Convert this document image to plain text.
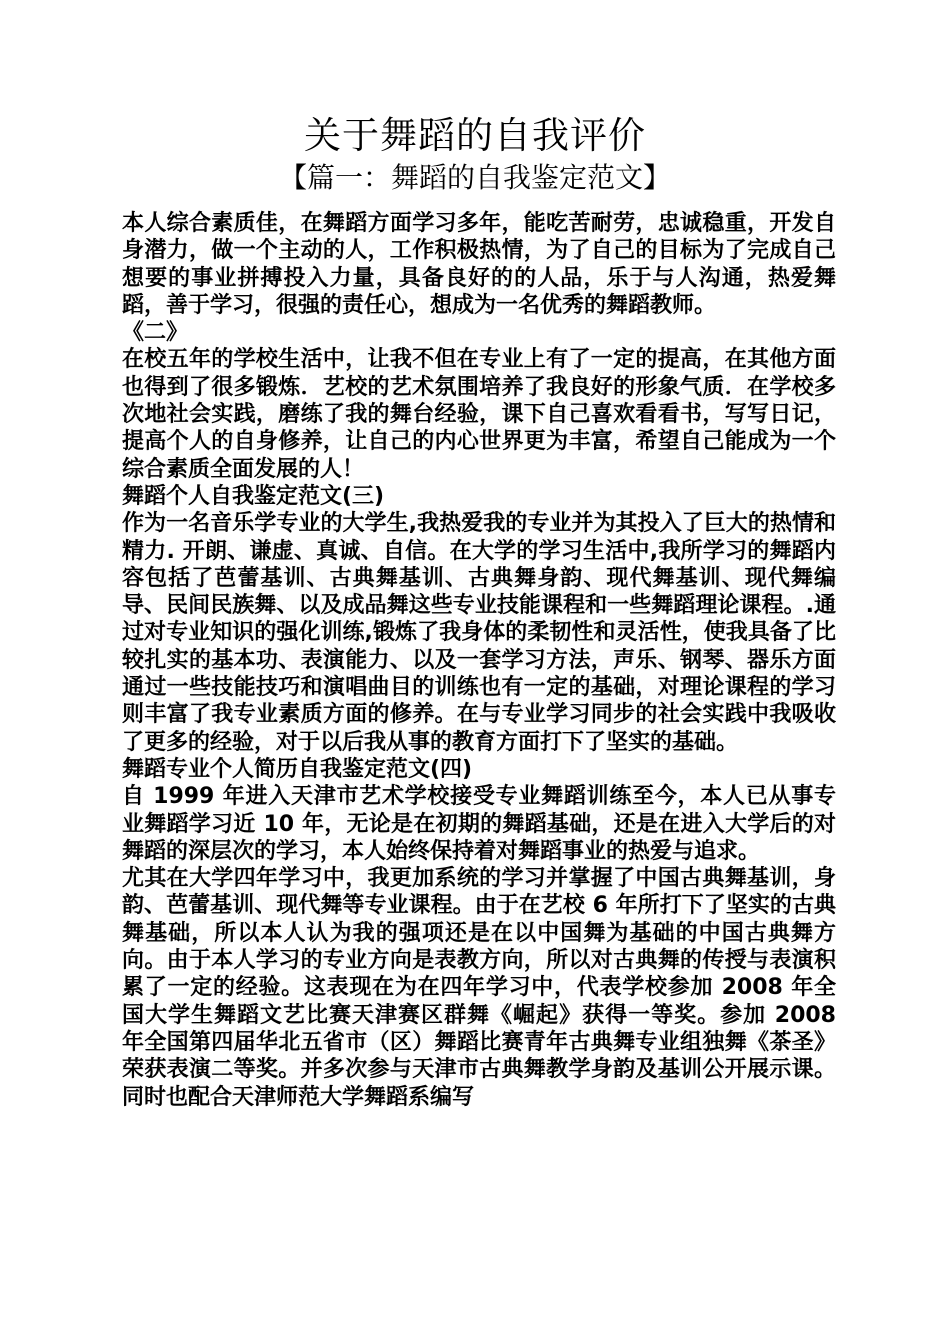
关于舞蹈的自我评价
【篇一：舞蹈的自我鉴定范文】

本人综合素质佳，在舞蹈方面学习多年，能吃苦耐劳，忠诚稳重，开发自身潜力，做一个主动的人，工作积极热情，为了自己的目标为了完成自己想要的事业拼搏投入力量，具备良好的的人品，乐于与人沟通，热爱舞蹈，善于学习，很强的责任心，想成为一名优秀的舞蹈教师。

《二》

在校五年的学校生活中，让我不但在专业上有了一定的提高，在其他方面也得到了很多锻炼．艺校的艺术氛围培养了我良好的形象气质．在学校多次地社会实践，磨练了我的舞台经验，课下自己喜欢看看书，写写日记，提高个人的自身修养，让自己的内心世界更为丰富，希望自己能成为一个综合素质全面发展的人！

舞蹈个人自我鉴定范文(三)

作为一名音乐学专业的大学生,我热爱我的专业并为其投入了巨大的热情和精力. 开朗、谦虚、真诚、自信。在大学的学习生活中,我所学习的舞蹈内容包括了芭蕾基训、古典舞基训、古典舞身韵、现代舞基训、现代舞编导、民间民族舞、以及成品舞这些专业技能课程和一些舞蹈理论课程。.通过对专业知识的强化训练,锻炼了我身体的柔韧性和灵活性，使我具备了比较扎实的基本功、表演能力、以及一套学习方法，声乐、钢琴、器乐方面通过一些技能技巧和演唱曲目的训练也有一定的基础，对理论课程的学习则丰富了我专业素质方面的修养。在与专业学习同步的社会实践中我吸收了更多的经验，对于以后我从事的教育方面打下了坚实的基础。

舞蹈专业个人简历自我鉴定范文(四)

自 1999 年进入天津市艺术学校接受专业舞蹈训练至今，本人已从事专业舞蹈学习近 10 年，无论是在初期的舞蹈基础，还是在进入大学后的对舞蹈的深层次的学习，本人始终保持着对舞蹈事业的热爱与追求。

尤其在大学四年学习中，我更加系统的学习并掌握了中国古典舞基训，身韵、芭蕾基训、现代舞等专业课程。由于在艺校 6 年所打下了坚实的古典舞基础，所以本人认为我的强项还是在以中国舞为基础的中国古典舞方向。由于本人学习的专业方向是表教方向，所以对古典舞的传授与表演积累了一定的经验。这表现在为在四年学习中，代表学校参加 2008 年全国大学生舞蹈文艺比赛天津赛区群舞《崛起》获得一等奖。参加 2008 年全国第四届华北五省市（区）舞蹈比赛青年古典舞专业组独舞《茶圣》荣获表演二等奖。并多次参与天津市古典舞教学身韵及基训公开展示课。同时也配合天津师范大学舞蹈系编写
